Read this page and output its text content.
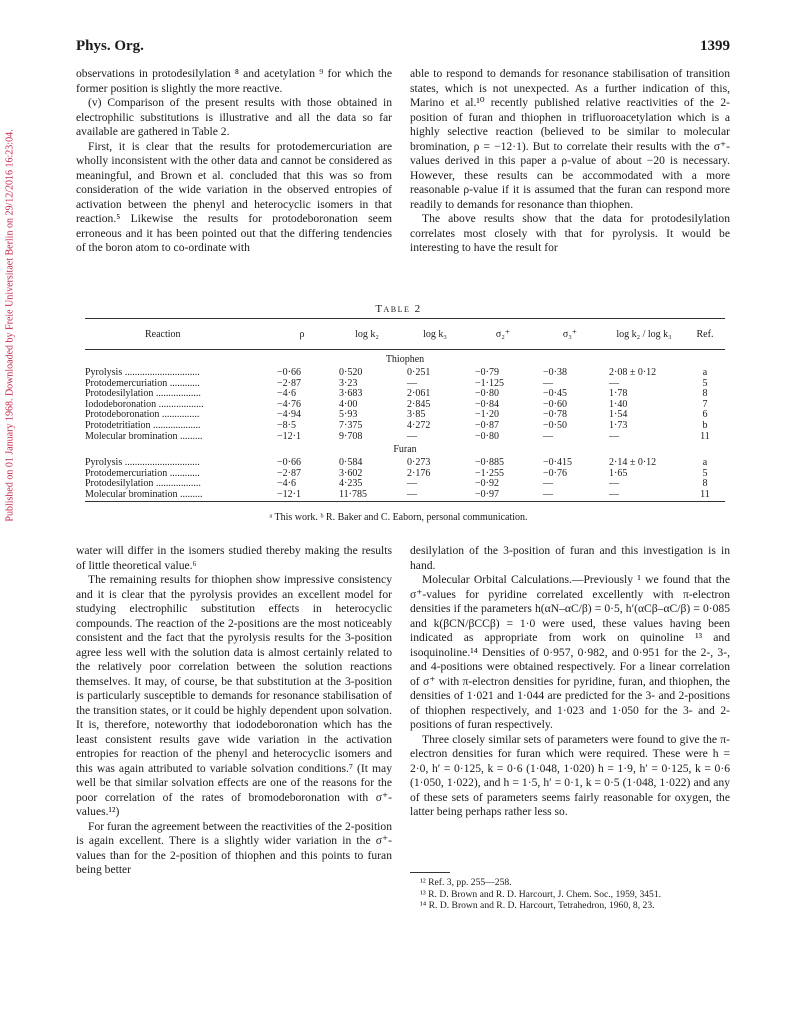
Published on 01 January 1968. Downloaded by Freie Universitaet Berlin on 29/12/2016 16:23:04.
Phys. Org.	1399

observations in protodesilylation ⁸ and acetylation ⁹ for which the former position is slightly the more reactive.

(v) Comparison of the present results with those obtained in electrophilic substitutions is illustrative and all the data so far available are gathered in Table 2.

First, it is clear that the results for protodemercuriation are wholly inconsistent with the other data and cannot be considered as meaningful, and Brown et al. concluded that this was so from consideration of the wide variation in the observed entropies of activation between the phenyl and heterocyclic isomers in that reaction.⁵ Likewise the results for protodeboronation seem erroneous and it has been pointed out that the differing tendencies of the boron atom to co-ordinate with

able to respond to demands for resonance stabilisation of transition states, which is not unexpected. As a further indication of this, Marino et al.¹⁰ recently published relative reactivities of the 2-position of furan and thiophen in trifluoroacetylation which is a highly selective reaction (believed to be similar to molecular bromination, ρ = −12·1). But to correlate their results with the σ⁺-values derived in this paper a ρ-value of about −20 is necessary. However, these results can be accommodated with a more reasonable ρ-value if it is assumed that the furan can respond more readily to demands for resonance than thiophen.

The above results show that the data for protodesilylation correlates most closely with that for pyrolysis. It would be interesting to have the result for

Table 2

Reaction	ρ	log k₂	log k₃	σ₂⁺	σ₃⁺	log k₂ / log k₃	Ref.

Thiophen							
Pyrolysis ..............................	−0·66	0·520	0·251	−0·79	−0·38	2·08 ± 0·12	a
Protodemercuriation ............	−2·87	3·23	—	−1·125	—	—	5
Protodesilylation ..................	−4·6	3·683	2·061	−0·80	−0·45	1·78	8
Iododeboronation ..................	−4·76	4·00	2·845	−0·84	−0·60	1·40	7
Protodeboronation ...............	−4·94	5·93	3·85	−1·20	−0·78	1·54	6
Protodetritiation ...................	−8·5	7·375	4·272	−0·87	−0·50	1·73	b
Molecular bromination .........	−12·1	9·708	—	−0·80	—	—	11
Furan							
Pyrolysis ..............................	−0·66	0·584	0·273	−0·885	−0·415	2·14 ± 0·12	a
Protodemercuriation ............	−2·87	3·602	2·176	−1·255	−0·76	1·65	5
Protodesilylation ..................	−4·6	4·235	—	−0·92	—	—	8
Molecular bromination .........	−12·1	11·785	—	−0·97	—	—	11

ᵃ This work. ᵇ R. Baker and C. Eaborn, personal communication.

water will differ in the isomers studied thereby making the results of little theoretical value.⁶

The remaining results for thiophen show impressive consistency and it is clear that the pyrolysis provides an excellent model for studying electrophilic substitution effects in heterocyclic compounds. The reaction of the 2-positions are the most noticeably consistent and the fact that the pyrolysis results for the 3-position agree less well with the solution data is almost certainly related to the relatively poor correlation between the solution reactions themselves. It may, of course, be that substitution at the 3-position is particularly susceptible to demands for resonance stabilisation of the transition states, or it could be highly dependent upon solvation. It is, therefore, noteworthy that iododeboronation which has the least consistent results gave wide variation in the activation entropies for reaction of the phenyl and heterocyclic isomers and this was again attributed to variable solvation conditions.⁷ (It may well be that similar solvation effects are one of the reasons for the poor correlation of the rates of bromodeboronation with σ⁺-values.¹²)

For furan the agreement between the reactivities of the 2-position is again excellent. There is a slightly wider variation in the σ⁺-values than for the 2-position of thiophen and this points to furan being better

desilylation of the 3-position of furan and this investigation is in hand.

Molecular Orbital Calculations.—Previously ¹ we found that the σ⁺-values for pyridine correlated excellently with π-electron densities if the parameters h(αN–αC/β) = 0·5, h′(αCβ–αC/β) = 0·085 and k(βCN/βCCβ) = 1·0 were used, these values having been indicated as appropriate from work on quinoline ¹³ and isoquinoline.¹⁴ Densities of 0·957, 0·982, and 0·951 for the 2-, 3-, and 4-positions were obtained respectively. For a linear correlation of σ⁺ with π-electron densities for pyridine, furan, and thiophen, the densities of 1·021 and 1·044 are predicted for the 3- and 2-positions of thiophen respectively, and 1·023 and 1·050 for the 3- and 2-positions of furan respectively.

Three closely similar sets of parameters were found to give the π-electron densities for furan which were required. These were h = 2·0, h′ = 0·125, k = 0·6 (1·048, 1·020) h = 1·9, h′ = 0·125, k = 0·6 (1·050, 1·022), and h = 1·5, h′ = 0·1, k = 0·5 (1·048, 1·022) and any of these sets of parameters seems fairly reasonable for oxygen, the latter being perhaps rather less so.

¹² Ref. 3, pp. 255—258.

¹³ R. D. Brown and R. D. Harcourt, J. Chem. Soc., 1959, 3451.

¹⁴ R. D. Brown and R. D. Harcourt, Tetrahedron, 1960, 8, 23.
